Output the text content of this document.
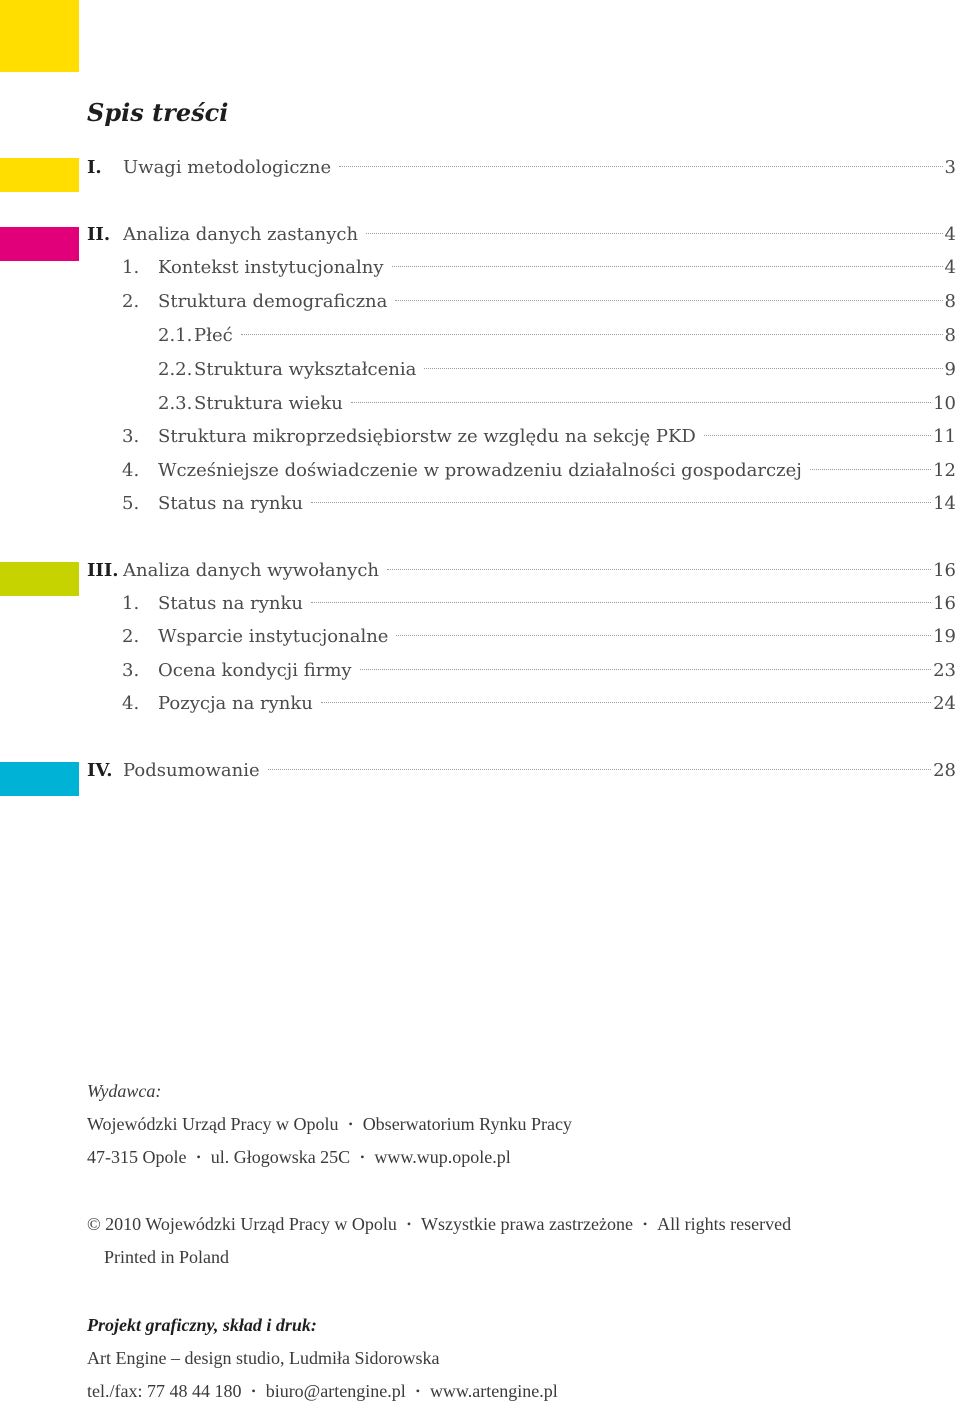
Spis treści
I.	Uwagi metodologiczne	3
II. Analiza danych zastanych	4
1.	Kontekst instytucjonalny	4
2.	Struktura demograficzna	8
2.1. Płeć	8
2.2. Struktura wykształcenia	9
2.3. Struktura wieku	10
3.	Struktura mikroprzedsiębiorstw ze względu na sekcję PKD	11
4.	Wcześniejsze doświadczenie w prowadzeniu działalności gospodarczej	12
5.	Status na rynku	14
III. Analiza danych wywołanych	16
1.	Status na rynku	16
2.	Wsparcie instytucjonalne	19
3.	Ocena kondycji firmy	23
4.	Pozycja na rynku	24
IV. Podsumowanie	28
Wydawca:
Wojewódzki Urząd Pracy w Opolu • Obserwatorium Rynku Pracy
47-315 Opole • ul. Głogowska 25C • www.wup.opole.pl
© 2010 Wojewódzki Urząd Pracy w Opolu • Wszystkie prawa zastrzeżone • All rights reserved
Printed in Poland
Projekt graficzny, skład i druk:
Art Engine – design studio, Ludmiła Sidorowska
tel./fax: 77 48 44 180 • biuro@artengine.pl • www.artengine.pl
